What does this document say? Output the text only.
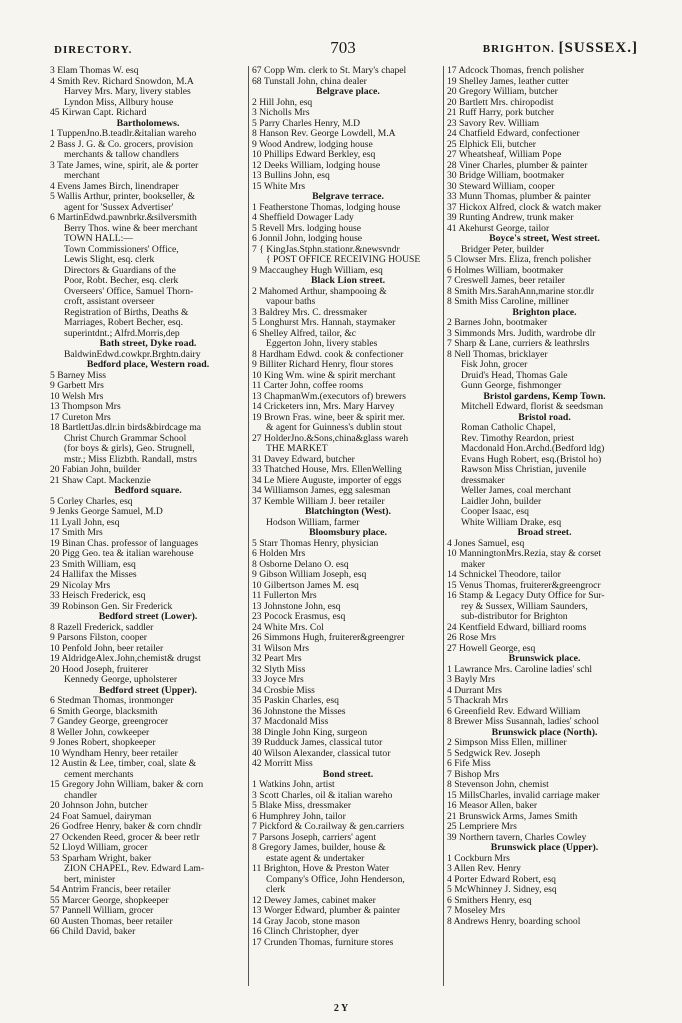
DIRECTORY.	703	BRIGHTON. [SUSSEX.]
3 Elam Thomas W. esq
4 Smith Rev. Richard Snowdon, M.A
Harvey Mrs. Mary, livery stables
Lyndon Miss, Allbury house
45 Kirwan Capt. Richard
Bartholomews.
1 TuppenJno.B.teadlr.&italian wareho
2 Bass J. G. & Co. grocers, provision
merchants & tallow chandlers
3 Tate James, wine, spirit, ale & porter
merchant
4 Evens James Birch, linendraper
5 Wallis Arthur, printer, bookseller, &
agent for 'Sussex Advertiser'
6 MartinEdwd.pawnbrkr.&silversmith
Berry Thos. wine & beer merchant
TOWN HALL:—
Town Commissioners' Office,
Lewis Slight, esq. clerk
Directors & Guardians of the
Poor, Robt. Becher, esq. clerk
Overseers' Office, Samuel Thorn-
croft, assistant overseer
Registration of Births, Deaths &
Marriages, Robert Becher, esq.
superintdnt.; Alfrd.Morris,dep
Bath street, Dyke road.
BaldwinEdwd.cowkpr.Brghtn.dairy
Bedford place, Western road.
5 Barney Miss
9 Garbett Mrs
10 Welsh Mrs
13 Thompson Mrs
17 Cureton Mrs
18 BartlettJas.dlr.in birds&birdcage ma
Christ Church Grammar School
(for boys & girls), Geo. Strugnell,
mstr.; Miss Elizbth. Randall, mstrs
20 Fabian John, builder
21 Shaw Capt. Mackenzie
Bedford square.
5 Corley Charles, esq
9 Jenks George Samuel, M.D
11 Lyall John, esq
17 Smith Mrs
19 Binan Chas. professor of languages
20 Pigg Geo. tea & italian warehouse
23 Smith William, esq
24 Hallifax the Misses
29 Nicolay Mrs
33 Heisch Frederick, esq
39 Robinson Gen. Sir Frederick
Bedford street (Lower).
8 Razell Frederick, saddler
9 Parsons Filston, cooper
10 Penfold John, beer retailer
19 AldridgeAlex.John,chemist& drugst
20 Hood Joseph, fruiterer
Kennedy George, upholsterer
Bedford street (Upper).
6 Stedman Thomas, ironmonger
6 Smith George, blacksmith
7 Gandey George, greengrocer
8 Weller John, cowkeeper
9 Jones Robert, shopkeeper
10 Wyndham Henry, beer retailer
12 Austin & Lee, timber, coal, slate &
cement merchants
15 Gregory John William, baker & corn
chandler
20 Johnson John, butcher
24 Foat Samuel, dairyman
26 Godfree Henry, baker & corn chndlr
27 Ockenden Reed, grocer & beer retlr
52 Lloyd William, grocer
53 Sparham Wright, baker
ZION CHAPEL, Rev. Edward Lam-
bert, minister
54 Antrim Francis, beer retailer
55 Marcer George, shopkeeper
57 Pannell William, grocer
60 Austen Thomas, beer retailer
66 Child David, baker
67 Copp Wm. clerk to St. Mary's chapel
68 Tunstall John, china dealer
Belgrave place.
2 Hill John, esq
3 Nicholls Mrs
5 Parry Charles Henry, M.D
8 Hanson Rev. George Lowdell, M.A
9 Wood Andrew, lodging house
10 Phillips Edward Berkley, esq
12 Deeks William, lodging house
13 Bullins John, esq
15 White Mrs
Belgrave terrace.
1 Featherstone Thomas, lodging house
4 Sheffield Dowager Lady
5 Revell Mrs. lodging house
6 Jonnil John, lodging house
7 { KingJas.Stphn.stationr.&newsvndr
{ POST OFFICE RECEIVING HOUSE
9 Maccaughey Hugh William, esq
Black Lion street.
2 Mahomed Arthur, shampooing &
vapour baths
3 Baldrey Mrs. C. dressmaker
5 Longhurst Mrs. Hannah, staymaker
6 Shelley Alfred, tailor, &c
Eggerton John, livery stables
8 Hardham Edwd. cook & confectioner
9 Billiter Richard Henry, flour stores
10 King Wm. wine & spirit merchant
11 Carter John, coffee rooms
13 ChapmanWm.(executors of) brewers
14 Cricketers inn, Mrs. Mary Harvey
19 Brown Fras. wine, beer & spirit mer.
& agent for Guinness's dublin stout
27 HolderJno.&Sons,china&glass wareh
THE MARKET
31 Davey Edward, butcher
33 Thatched House, Mrs. EllenWelling
34 Le Miere Auguste, importer of eggs
34 Williamson James, egg salesman
37 Kemble William J. beer retailer
Blatchington (West).
Hodson William, farmer
Bloomsbury place.
5 Starr Thomas Henry, physician
6 Holden Mrs
8 Osborne Delano O. esq
9 Gibson William Joseph, esq
10 Gilbertson James M. esq
11 Fullerton Mrs
13 Johnstone John, esq
23 Pocock Erasmus, esq
24 White Mrs. Col
26 Simmons Hugh, fruiterer&greengrer
31 Wilson Mrs
32 Peart Mrs
32 Slyth Miss
33 Joyce Mrs
34 Crosbie Miss
35 Paskin Charles, esq
36 Johnstone the Misses
37 Macdonald Miss
38 Dingle John King, surgeon
39 Rudduck James, classical tutor
40 Wilson Alexander, classical tutor
42 Morritt Miss
Bond street.
1 Watkins John, artist
3 Scott Charles, oil & italian wareho
5 Blake Miss, dressmaker
6 Humphrey John, tailor
7 Pickford & Co.railway & gen.carriers
7 Parsons Joseph, carriers' agent
8 Gregory James, builder, house &
estate agent & undertaker
11 Brighton, Hove & Preston Water
Company's Office, John Henderson,
clerk
12 Dewey James, cabinet maker
13 Worger Edward, plumber & painter
14 Gray Jacob, stone mason
16 Clinch Christopher, dyer
17 Crunden Thomas, furniture stores
17 Adcock Thomas, french polisher
19 Shelley James, leather cutter
20 Gregory William, butcher
20 Bartlett Mrs. chiropodist
21 Ruff Harry, pork butcher
23 Savory Rev. William
24 Chatfield Edward, confectioner
25 Elphick Eli, butcher
27 Wheatsheaf, William Pope
28 Viner Charles, plumber & painter
30 Bridge William, bootmaker
30 Steward William, cooper
33 Munn Thomas, plumber & painter
37 Hickox Alfred, clock & watch maker
39 Runting Andrew, trunk maker
41 Akehurst George, tailor
Boyce's street, West street.
Bridger Peter, builder
5 Clowser Mrs. Eliza, french polisher
6 Holmes William, bootmaker
7 Creswell James, beer retailer
8 Smith Mrs.SarahAnn,marine stor.dlr
8 Smith Miss Caroline, milliner
Brighton place.
2 Barnes John, bootmaker
3 Simmonds Mrs. Judith, wardrobe dlr
7 Sharp & Lane, curriers & leathrslrs
8 Nell Thomas, bricklayer
Fisk John, grocer
Druid's Head, Thomas Gale
Gunn George, fishmonger
Bristol gardens, Kemp Town.
Mitchell Edward, florist & seedsman
Bristol road.
Roman Catholic Chapel,
Rev. Timothy Reardon, priest
Macdonald Hon.Archd.(Bedford ldg)
Evans Hugh Robert, esq.(Bristol ho)
Rawson Miss Christian, juvenile
dressmaker
Weller James, coal merchant
Laidler John, builder
Cooper Isaac, esq
White William Drake, esq
Broad street.
4 Jones Samuel, esq
10 ManningtonMrs.Rezia, stay & corset
maker
14 Schnickel Theodore, tailor
15 Venus Thomas, fruiterer&greengrocr
16 Stamp & Legacy Duty Office for Sur-
rey & Sussex, William Saunders,
sub-distributor for Brighton
24 Kentfield Edward, billiard rooms
26 Rose Mrs
27 Howell George, esq
Brunswick place.
1 Lawrance Mrs. Caroline ladies' schl
3 Bayly Mrs
4 Durrant Mrs
5 Thackrah Mrs
6 Greenfield Rev. Edward William
8 Brewer Miss Susannah, ladies' school
Brunswick place (North).
2 Simpson Miss Ellen, milliner
5 Sedgwick Rev. Joseph
6 Fife Miss
7 Bishop Mrs
8 Stevenson John, chemist
15 MillsCharles, invalid carriage maker
16 Measor Allen, baker
21 Brunswick Arms, James Smith
25 Lempriere Mrs
39 Northern tavern, Charles Cowley
Brunswick place (Upper).
1 Cockburn Mrs
3 Allen Rev. Henry
4 Porter Edward Robert, esq
5 McWhinney J. Sidney, esq
6 Smithers Henry, esq
7 Moseley Mrs
8 Andrews Henry, boarding school
2 Y
